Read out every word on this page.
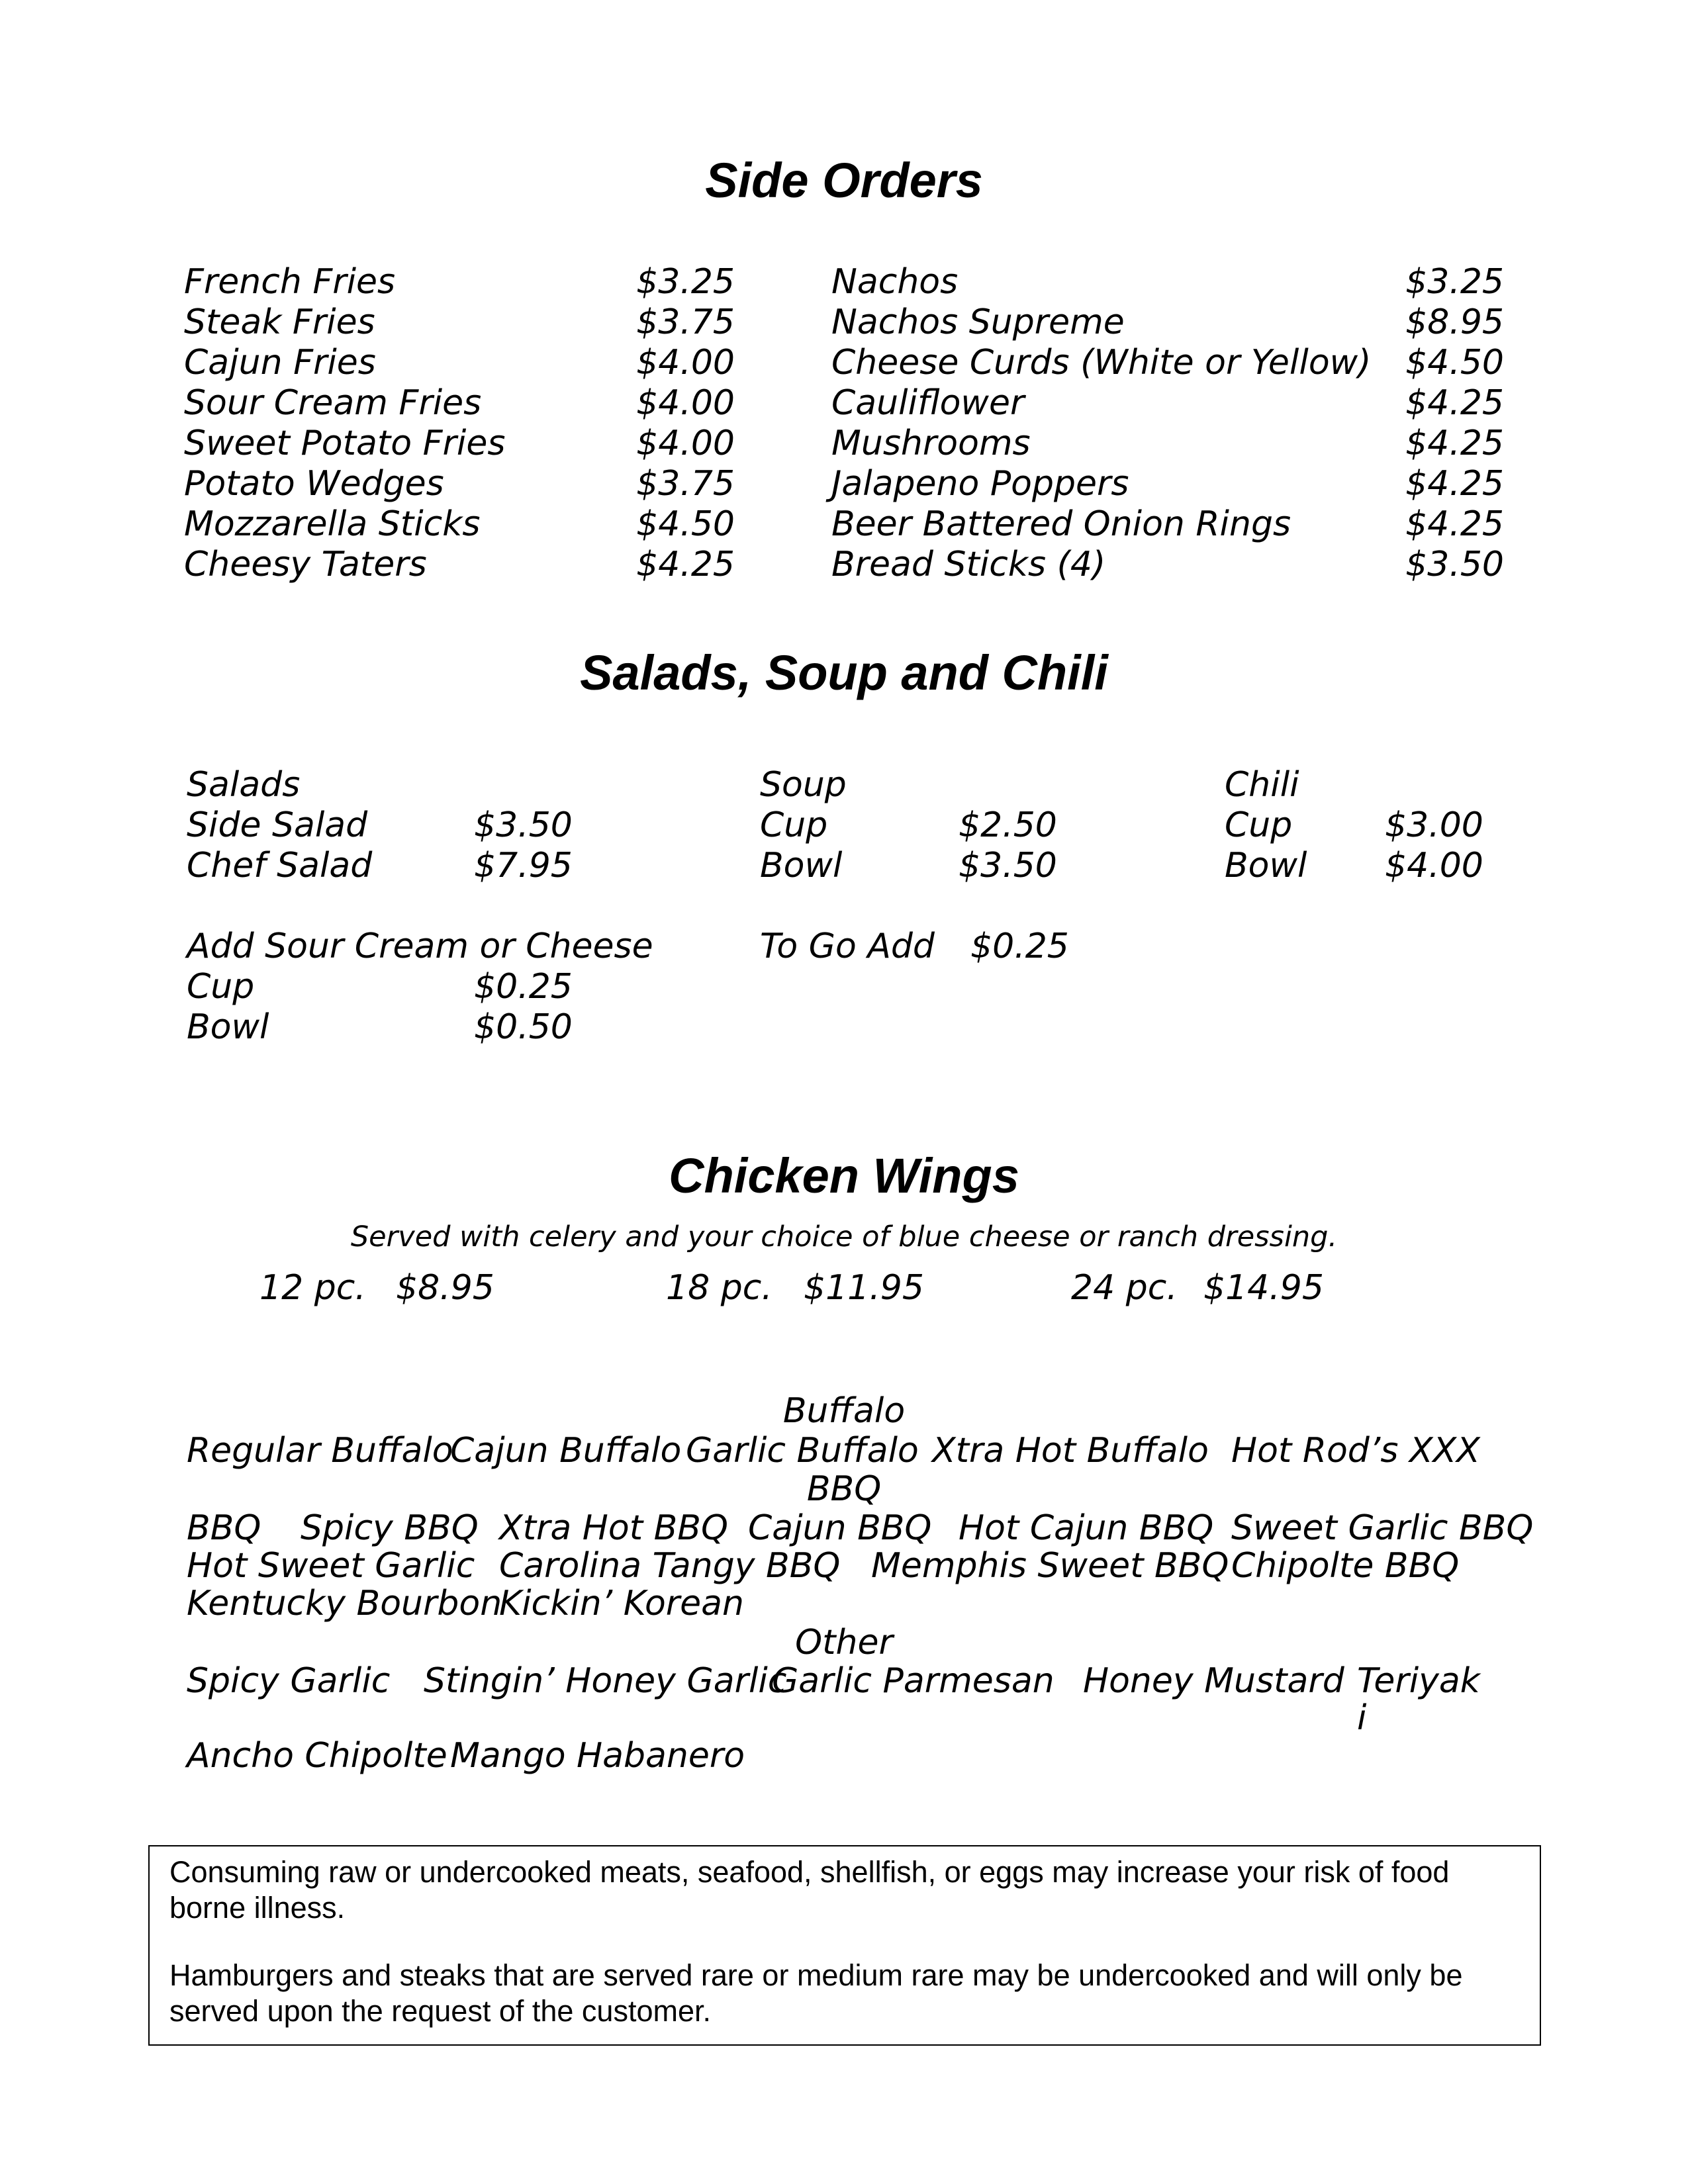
Side Orders
French Fries	$3.25
Steak Fries	$3.75
Cajun Fries	$4.00
Sour Cream Fries	$4.00
Sweet Potato Fries	$4.00
Potato Wedges	$3.75
Mozzarella Sticks	$4.50
Cheesy Taters	$4.25
Nachos	$3.25
Nachos Supreme	$8.95
Cheese Curds (White or Yellow) $4.50
Cauliflower	$4.25
Mushrooms	$4.25
Jalapeno Poppers	$4.25
Beer Battered Onion Rings	$4.25
Bread Sticks (4)	$3.50
Salads, Soup and Chili
Salads
Side Salad	$3.50
Chef Salad	$7.95
Soup
Cup	$2.50
Bowl	$3.50
Chili
Cup	$3.00
Bowl $4.00
Add Sour Cream or Cheese
Cup	$0.25
Bowl	$0.50
To Go Add $0.25
Chicken Wings
Served with celery and your choice of blue cheese or ranch dressing.
12 pc. $8.95	18 pc. $11.95	24 pc. $14.95
Buffalo
Regular Buffalo
Cajun Buffalo Garlic Buffalo Xtra Hot Buffalo Hot Rod’s XXX
BBQ
BBQ Spicy BBQ Xtra Hot BBQ Cajun BBQ Hot Cajun BBQ Sweet Garlic BBQ
Hot Sweet Garlic Carolina Tangy BBQ Memphis Sweet BBQ Chipolte BBQ
Kentucky Bourbon
Kickin’ Korean
Other
Spicy Garlic Stingin’ Honey Garlic
Garlic Parmesan Honey Mustard Teriyak
i
Ancho Chipolte Mango Habanero

Consuming raw or undercooked meats, seafood, shellfish, or eggs may increase your risk of food borne illness.

Hamburgers and steaks that are served rare or medium rare may be undercooked and will only be served upon the request of the customer.
